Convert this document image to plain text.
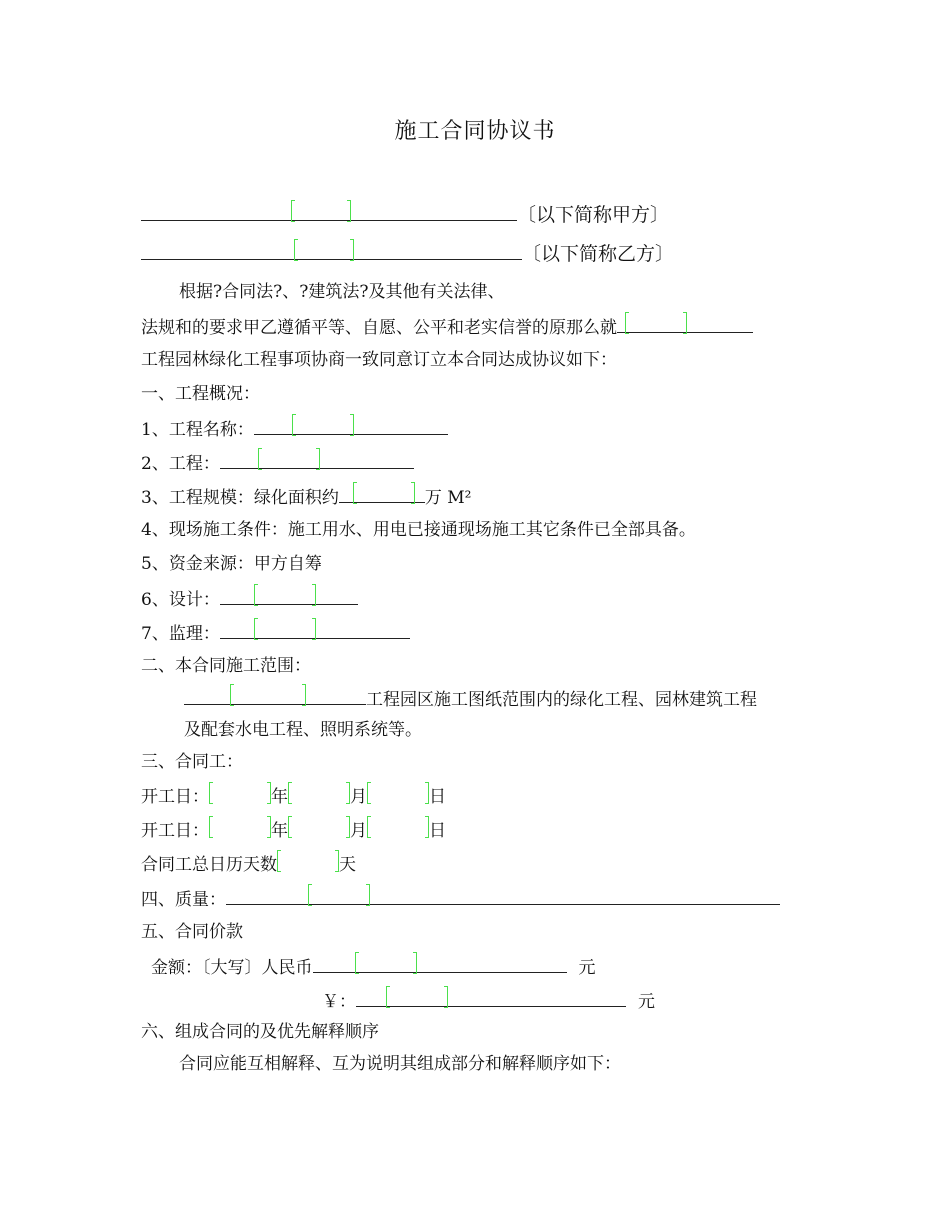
施工合同协议书
〔以下简称甲方〕
〔以下简称乙方〕
根据?合同法?、?建筑法?及其他有关法律、
法规和的要求甲乙遵循平等、自愿、公平和老实信誉的原那么就
工程园林绿化工程事项协商一致同意订立本合同达成协议如下：
一、工程概况：
1、工程名称：
2、工程：
3、工程规模：绿化面积约	万 M²
4、现场施工条件：施工用水、用电已接通现场施工其它条件已全部具备。
5、资金来源：甲方自筹
6、设计：
7、监理：
二、本合同施工范围：
工程园区施工图纸范围内的绿化工程、园林建筑工程
及配套水电工程、照明系统等。
三、合同工：
开工日：	年	月	日
开工日：	年	月	日
合同工总日历天数	天
四、质量：
五、合同价款
金额：〔大写〕人民币	元
￥：	元
六、组成合同的及优先解释顺序
合同应能互相解释、互为说明其组成部分和解释顺序如下：
